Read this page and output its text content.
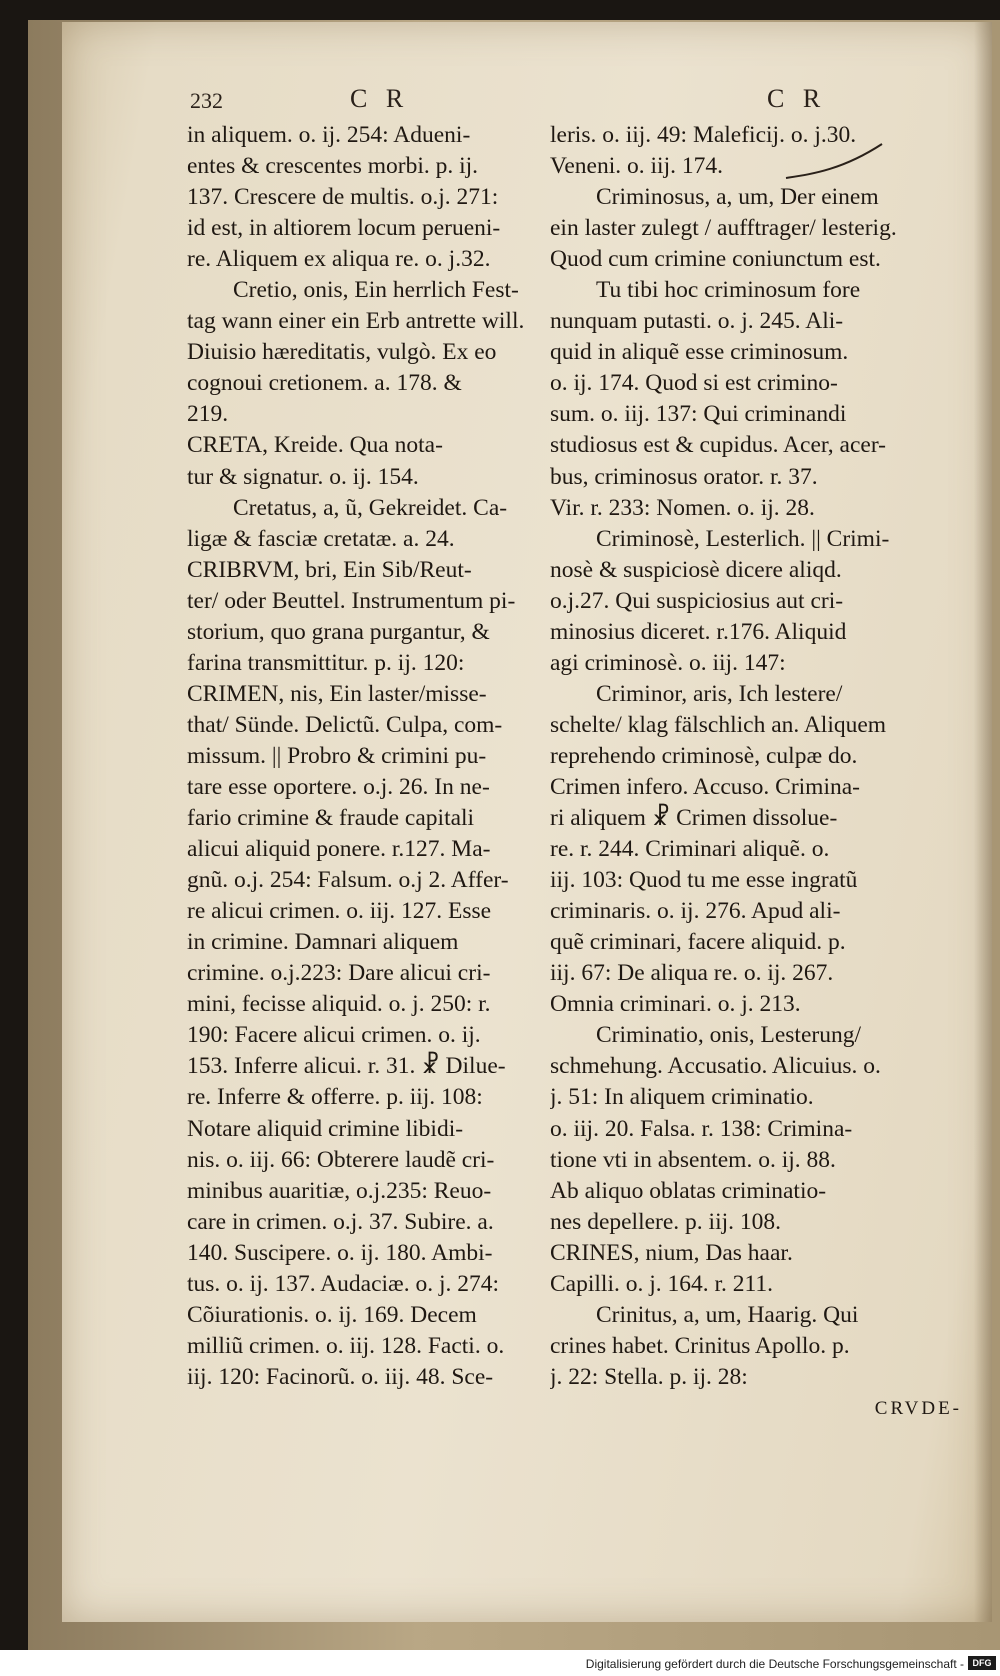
232	C R	C R
in aliquem. o. ij. 254: Adueni-
entes & crescentes morbi. p. ij.
137. Crescere de multis. o.j. 271:
id est, in altiorem locum perueni-
re. Aliquem ex aliqua re. o. j.32.
Cretio, onis, Ein herrlich Fest-
tag wann einer ein Erb antrette will.
Diuisio hæreditatis, vulgò. Ex eo
cognoui cretionem. a. 178. &
219.
CRETA, Kreide. Qua nota-
tur & signatur. o. ij. 154.
Cretatus, a, ũ, Gekreidet. Ca-
ligæ & fasciæ cretatæ. a. 24.
CRIBRVM, bri, Ein Sib/Reut-
ter/ oder Beuttel. Instrumentum pi-
storium, quo grana purgantur, &
farina transmittitur. p. ij. 120:
CRIMEN, nis, Ein laster/misse-
that/ Sünde. Delictũ. Culpa, com-
missum. || Probro & crimini pu-
tare esse oportere. o.j. 26. In ne-
fario crimine & fraude capitali
alicui aliquid ponere. r.127. Ma-
gnũ. o.j. 254: Falsum. o.j 2. Affer-
re alicui crimen. o. iij. 127. Esse
in crimine. Damnari aliquem
crimine. o.j.223: Dare alicui cri-
mini, fecisse aliquid. o. j. 250: r.
190: Facere alicui crimen. o. ij.
153. Inferre alicui. r. 31. ☧ Dilue-
re. Inferre & offerre. p. iij. 108:
Notare aliquid crimine libidi-
nis. o. iij. 66: Obterere laudẽ cri-
minibus auaritiæ, o.j.235: Reuo-
care in crimen. o.j. 37. Subire. a.
140. Suscipere. o. ij. 180. Ambi-
tus. o. ij. 137. Audaciæ. o. j. 274:
Cõiurationis. o. ij. 169. Decem
milliũ crimen. o. iij. 128. Facti. o.
iij. 120: Facinorũ. o. iij. 48. Sce-
leris. o. iij. 49: Maleficij. o. j.30.
Veneni. o. iij. 174.
Criminosus, a, um, Der einem
ein laster zulegt / aufftrager/ lesterig.
Quod cum crimine coniunctum est.
Tu tibi hoc criminosum fore
nunquam putasti. o. j. 245. Ali-
quid in aliquẽ esse criminosum.
o. ij. 174. Quod si est crimino-
sum. o. iij. 137: Qui criminandi
studiosus est & cupidus. Acer, acer-
bus, criminosus orator. r. 37.
Vir. r. 233: Nomen. o. ij. 28.
Criminosè, Lesterlich. || Crimi-
nosè & suspiciosè dicere aliqd.
o.j.27. Qui suspiciosius aut cri-
minosius diceret. r.176. Aliquid
agi criminosè. o. iij. 147:
Criminor, aris, Ich lestere/
schelte/ klag fälschlich an. Aliquem
reprehendo criminosè, culpæ do.
Crimen infero. Accuso. Crimina-
ri aliquem ☧ Crimen dissolue-
re. r. 244. Criminari aliquẽ. o.
iij. 103: Quod tu me esse ingratũ
criminaris. o. ij. 276. Apud ali-
quẽ criminari, facere aliquid. p.
iij. 67: De aliqua re. o. ij. 267.
Omnia criminari. o. j. 213.
Criminatio, onis, Lesterung/
schmehung. Accusatio. Alicuius. o.
j. 51: In aliquem criminatio.
o. iij. 20. Falsa. r. 138: Crimina-
tione vti in absentem. o. ij. 88.
Ab aliquo oblatas criminatio-
nes depellere. p. iij. 108.
CRINES, nium, Das haar.
Capilli. o. j. 164. r. 211.
Crinitus, a, um, Haarig. Qui
crines habet. Crinitus Apollo. p.
j. 22: Stella. p. ij. 28:
CRVDE-
Digitalisierung gefördert durch die Deutsche Forschungsgemeinschaft - DFG
